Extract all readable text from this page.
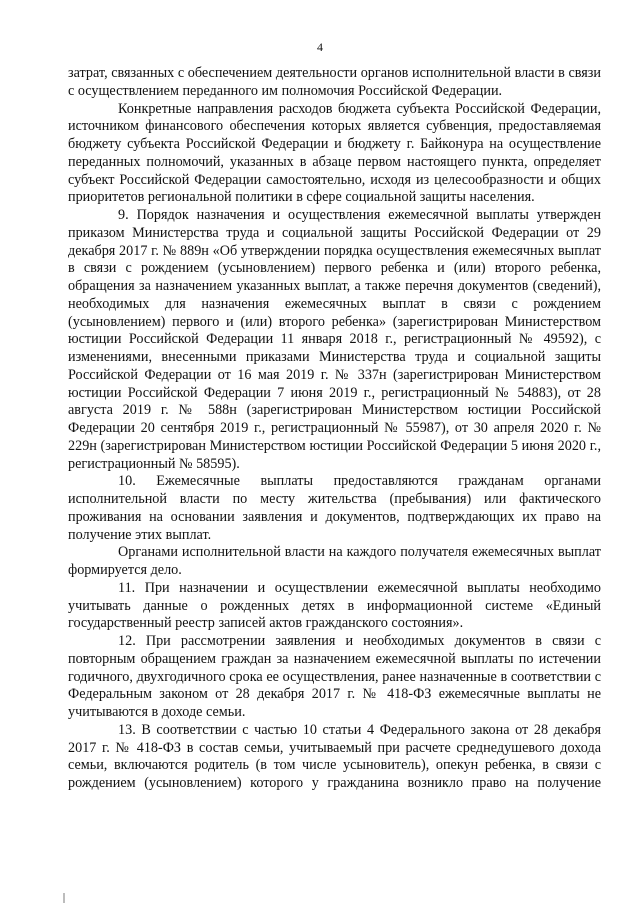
4

затрат, связанных с обеспечением деятельности органов исполнительной власти в связи с осуществлением переданного им полномочия Российской Федерации.

Конкретные направления расходов бюджета субъекта Российской Федерации, источником финансового обеспечения которых является субвенция, предоставляемая бюджету субъекта Российской Федерации и бюджету г. Байконура на осуществление переданных полномочий, указанных в абзаце первом настоящего пункта, определяет субъект Российской Федерации самостоятельно, исходя из целесообразности и общих приоритетов региональной политики в сфере социальной защиты населения.

9. Порядок назначения и осуществления ежемесячной выплаты утвержден приказом Министерства труда и социальной защиты Российской Федерации от 29 декабря 2017 г. № 889н «Об утверждении порядка осуществления ежемесячных выплат в связи с рождением (усыновлением) первого ребенка и (или) второго ребенка, обращения за назначением указанных выплат, а также перечня документов (сведений), необходимых для назначения ежемесячных выплат в связи с рождением (усыновлением) первого и (или) второго ребенка» (зарегистрирован Министерством юстиции Российской Федерации 11 января 2018 г., регистрационный № 49592), с изменениями, внесенными приказами Министерства труда и социальной защиты Российской Федерации от 16 мая 2019 г. № 337н (зарегистрирован Министерством юстиции Российской Федерации 7 июня 2019 г., регистрационный № 54883), от 28 августа 2019 г. № 588н (зарегистрирован Министерством юстиции Российской Федерации 20 сентября 2019 г., регистрационный № 55987), от 30 апреля 2020 г. № 229н (зарегистрирован Министерством юстиции Российской Федерации 5 июня 2020 г., регистрационный № 58595).

10. Ежемесячные выплаты предоставляются гражданам органами исполнительной власти по месту жительства (пребывания) или фактического проживания на основании заявления и документов, подтверждающих их право на получение этих выплат.

Органами исполнительной власти на каждого получателя ежемесячных выплат формируется дело.

11. При назначении и осуществлении ежемесячной выплаты необходимо учитывать данные о рожденных детях в информационной системе «Единый государственный реестр записей актов гражданского состояния».

12. При рассмотрении заявления и необходимых документов в связи с повторным обращением граждан за назначением ежемесячной выплаты по истечении годичного, двухгодичного срока ее осуществления, ранее назначенные в соответствии с Федеральным законом от 28 декабря 2017 г. № 418-ФЗ ежемесячные выплаты не учитываются в доходе семьи.

13. В соответствии с частью 10 статьи 4 Федерального закона от 28 декабря 2017 г. № 418-ФЗ в состав семьи, учитываемый при расчете среднедушевого дохода семьи, включаются родитель (в том числе усыновитель), опекун ребенка, в связи с рождением (усыновлением) которого у гражданина возникло право на получение
